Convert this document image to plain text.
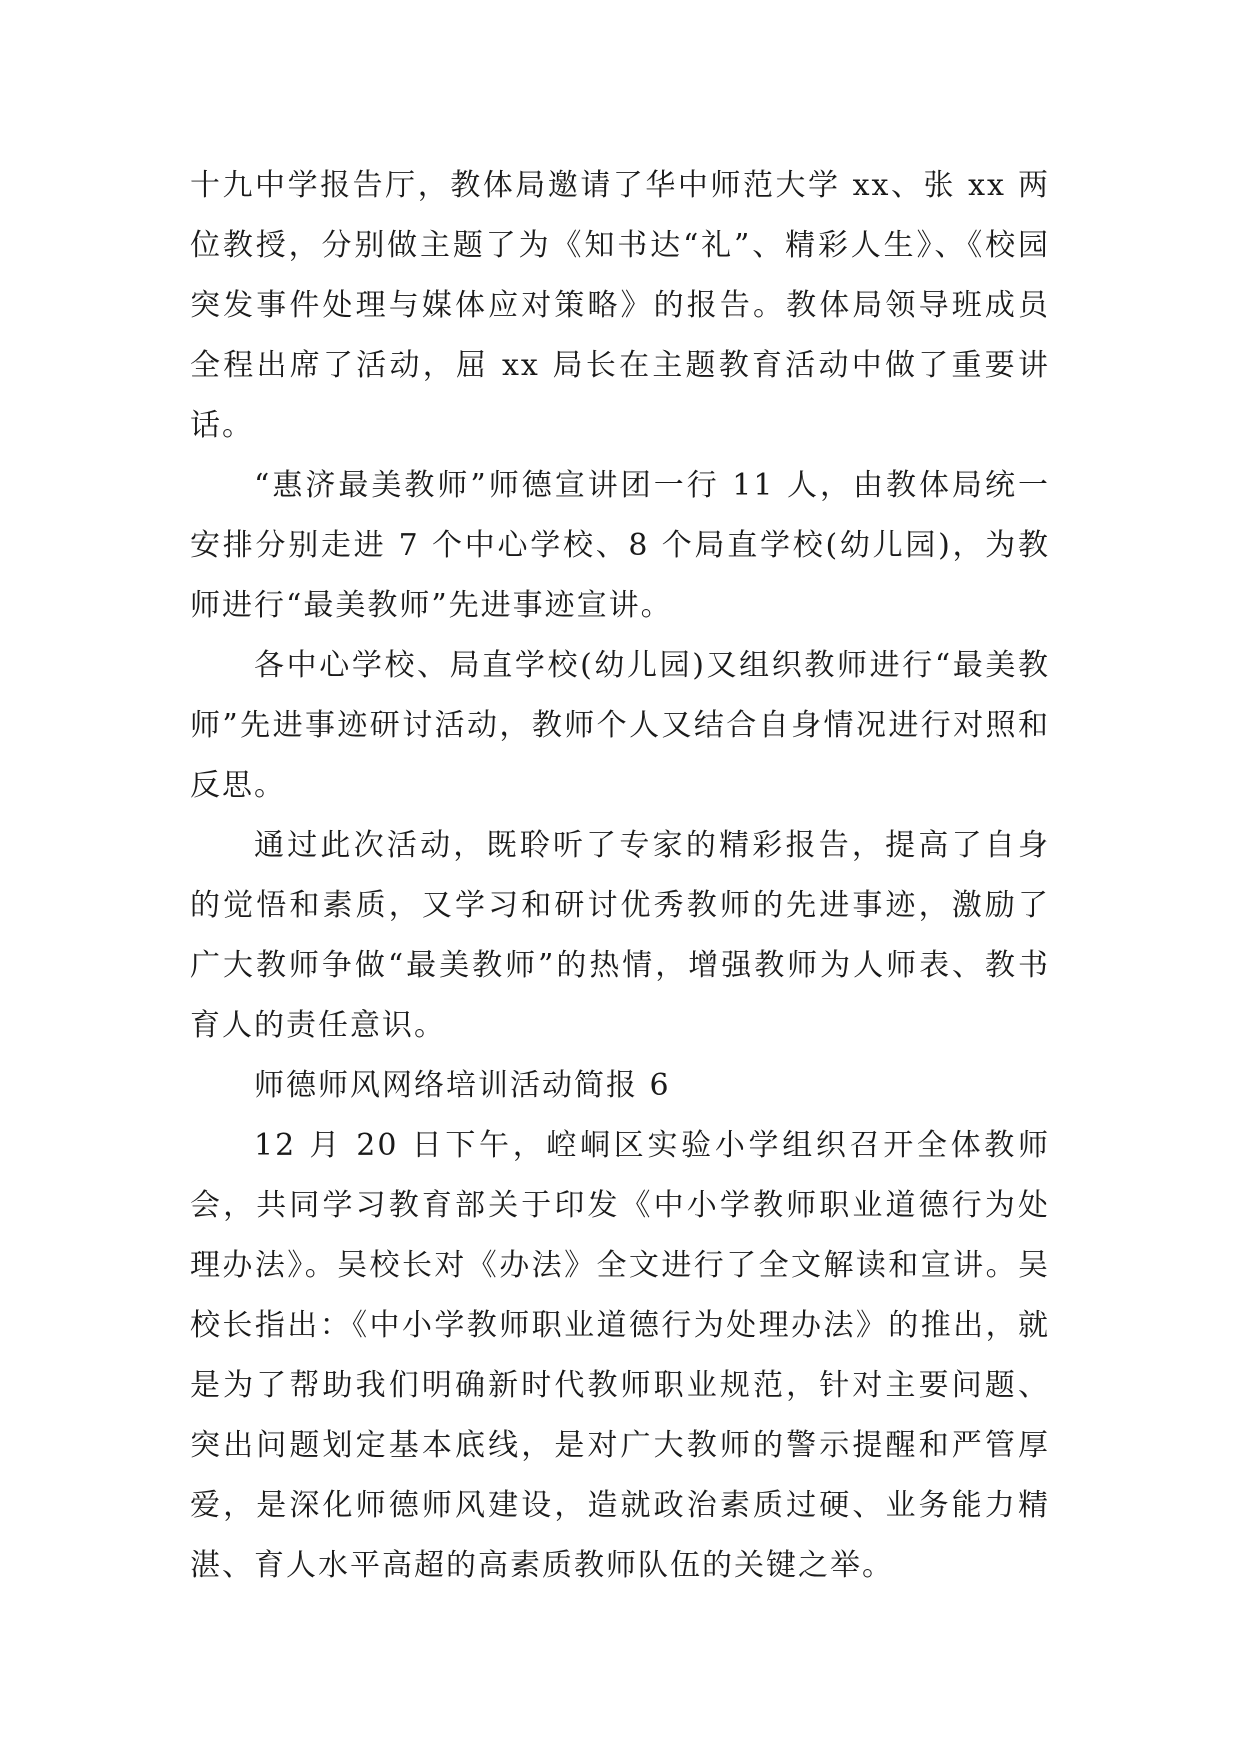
十九中学报告厅，教体局邀请了华中师范大学 xx、张 xx 两位教授，分别做主题了为《知书达“礼”、精彩人生》、《校园突发事件处理与媒体应对策略》的报告。教体局领导班成员全程出席了活动，屈 xx 局长在主题教育活动中做了重要讲话。

“惠济最美教师”师德宣讲团一行 11 人，由教体局统一安排分别走进 7 个中心学校、8 个局直学校(幼儿园)，为教师进行“最美教师”先进事迹宣讲。

各中心学校、局直学校(幼儿园)又组织教师进行“最美教师”先进事迹研讨活动，教师个人又结合自身情况进行对照和反思。

通过此次活动，既聆听了专家的精彩报告，提高了自身的觉悟和素质，又学习和研讨优秀教师的先进事迹，激励了广大教师争做“最美教师”的热情，增强教师为人师表、教书育人的责任意识。

师德师风网络培训活动简报 6

12 月 20 日下午，崆峒区实验小学组织召开全体教师会，共同学习教育部关于印发《中小学教师职业道德行为处理办法》。吴校长对《办法》全文进行了全文解读和宣讲。吴校长指出：《中小学教师职业道德行为处理办法》的推出，就是为了帮助我们明确新时代教师职业规范，针对主要问题、突出问题划定基本底线，是对广大教师的警示提醒和严管厚爱，是深化师德师风建设，造就政治素质过硬、业务能力精湛、育人水平高超的高素质教师队伍的关键之举。
